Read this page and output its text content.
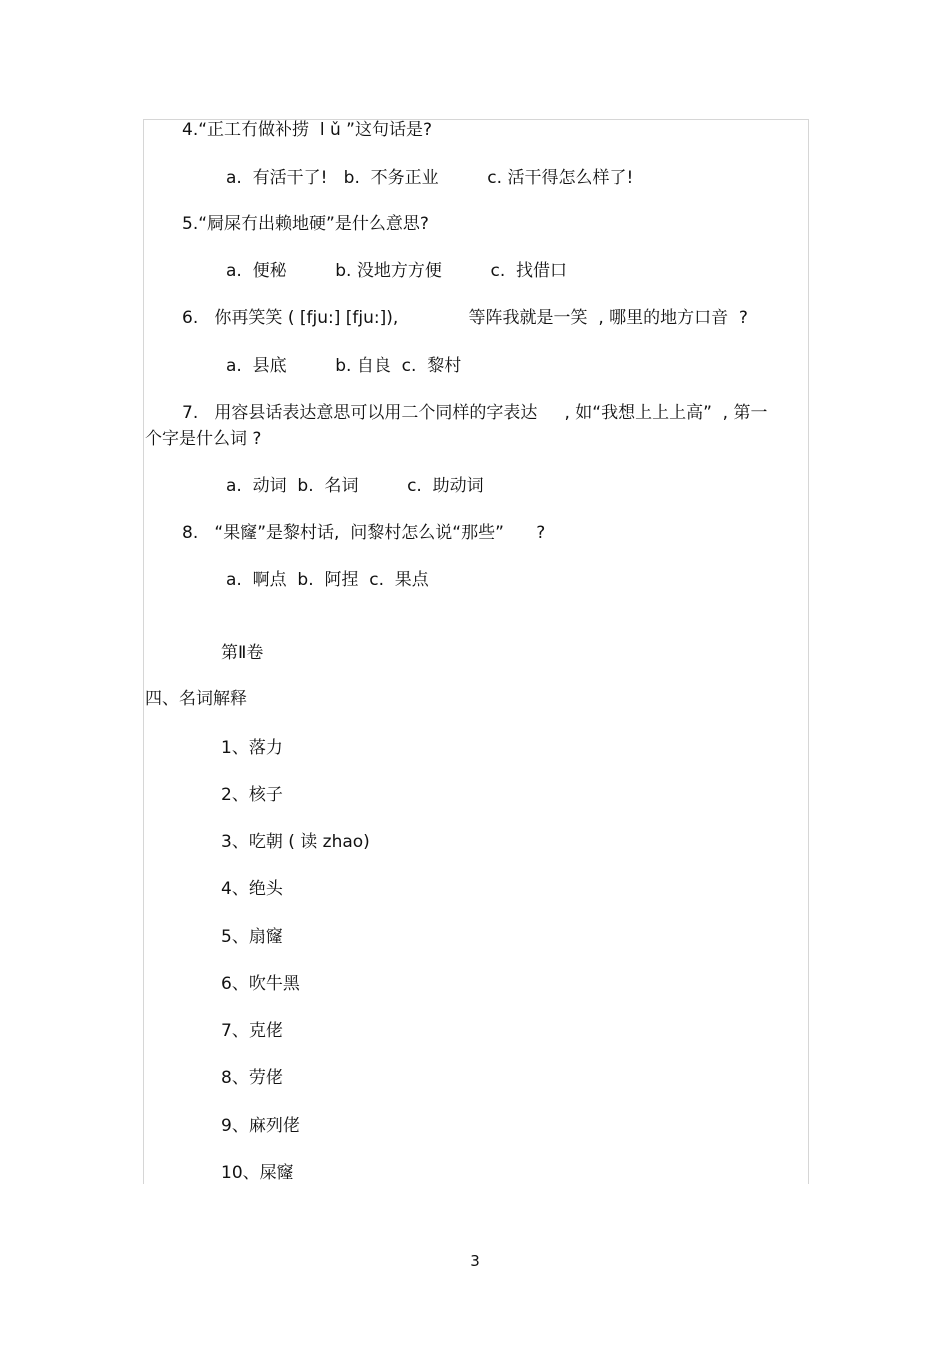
4.“正工冇做补捞  l ǔ ”这句话是?
a.  有活干了!   b.  不务正业         c. 活干得怎么样了!
5.“屙屎冇出赖地硬”是什么意思?
a.  便秘         b. 没地方方便         c.  找借口
6.   你再笑笑 ( [fju:] [fju:]),             等阵我就是一笑  , 哪里的地方口音  ?
a.  县底         b. 自良  c.  黎村
7.   用容县话表达意思可以用二个同样的字表达     , 如“我想上上上高”  , 第一
个字是什么词 ?
a.  动词  b.  名词         c.  助动词
8.   “果窿”是黎村话,  问黎村怎么说“那些”      ?
a.  啊点  b.  阿捏  c.  果点
第Ⅱ卷
四、名词解释
1、落力
2、核子
3、吃朝 ( 读 zhao)
4、绝头
5、扇窿
6、吹牛黑
7、克佬
8、劳佬
9、麻列佬
10、屎窿
3
